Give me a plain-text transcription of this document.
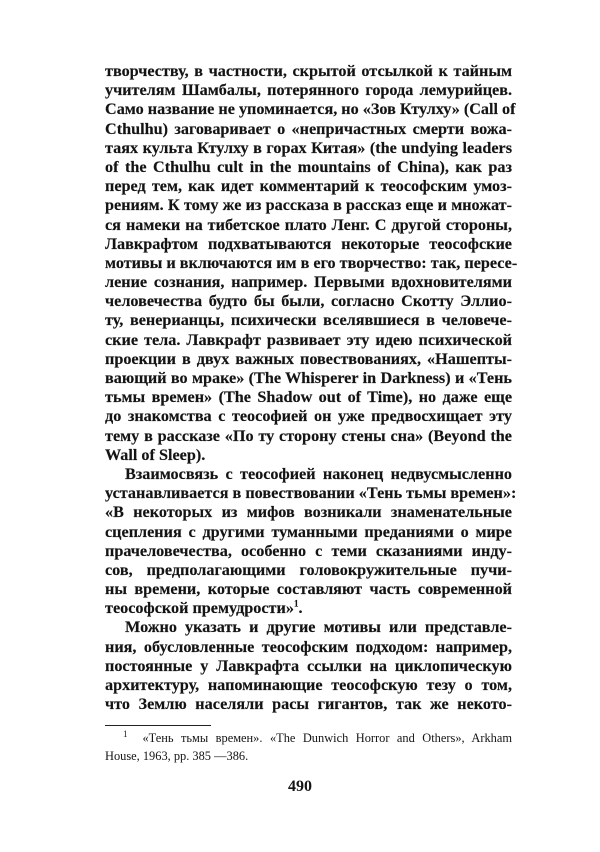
творчеству, в частности, скрытой отсылкой к тайным
учителям Шамбалы, потерянного города лемурийцев.
Само название не упоминается, но «Зов Ктулху» (Call of
Cthulhu) заговаривает о «непричастных смерти вожа-
таях культа Ктулху в горах Китая» (the undying leaders
of the Cthulhu cult in the mountains of China), как раз
перед тем, как идет комментарий к теософским умоз-
рениям. К тому же из рассказа в рассказ еще и множат-
ся намеки на тибетское плато Ленг. С другой стороны,
Лавкрафтом подхватываются некоторые теософские
мотивы и включаются им в его творчество: так, пересе-
ление сознания, например. Первыми вдохновителями
человечества будто бы были, согласно Скотту Эллио-
ту, венерианцы, психически вселявшиеся в человече-
ские тела. Лавкрафт развивает эту идею психической
проекции в двух важных повествованиях, «Нашепты-
вающий во мраке» (The Whisperer in Darkness) и «Тень
тьмы времен» (The Shadow out of Time), но даже еще
до знакомства с теософией он уже предвосхищает эту
тему в рассказе «По ту сторону стены сна» (Beyond the
Wall of Sleep).
Взаимосвязь с теософией наконец недвусмысленно
устанавливается в повествовании «Тень тьмы времен»:
«В некоторых из мифов возникали знаменательные
сцепления с другими туманными преданиями о мире
прачеловечества, особенно с теми сказаниями инду-
сов, предполагающими головокружительные пучи-
ны времени, которые составляют часть современной
теософской премудрости»$^1$.
Можно указать и другие мотивы или представле-
ния, обусловленные теософским подходом: например,
постоянные у Лавкрафта ссылки на циклопическую
архитектуру, напоминающие теософскую тезу о том,
что Землю населяли расы гигантов, так же некото-
$^1$ «Тень тьмы времен». «The Dunwich Horror and Others», Arkham
House, 1963, pp. 385 —386.
490
